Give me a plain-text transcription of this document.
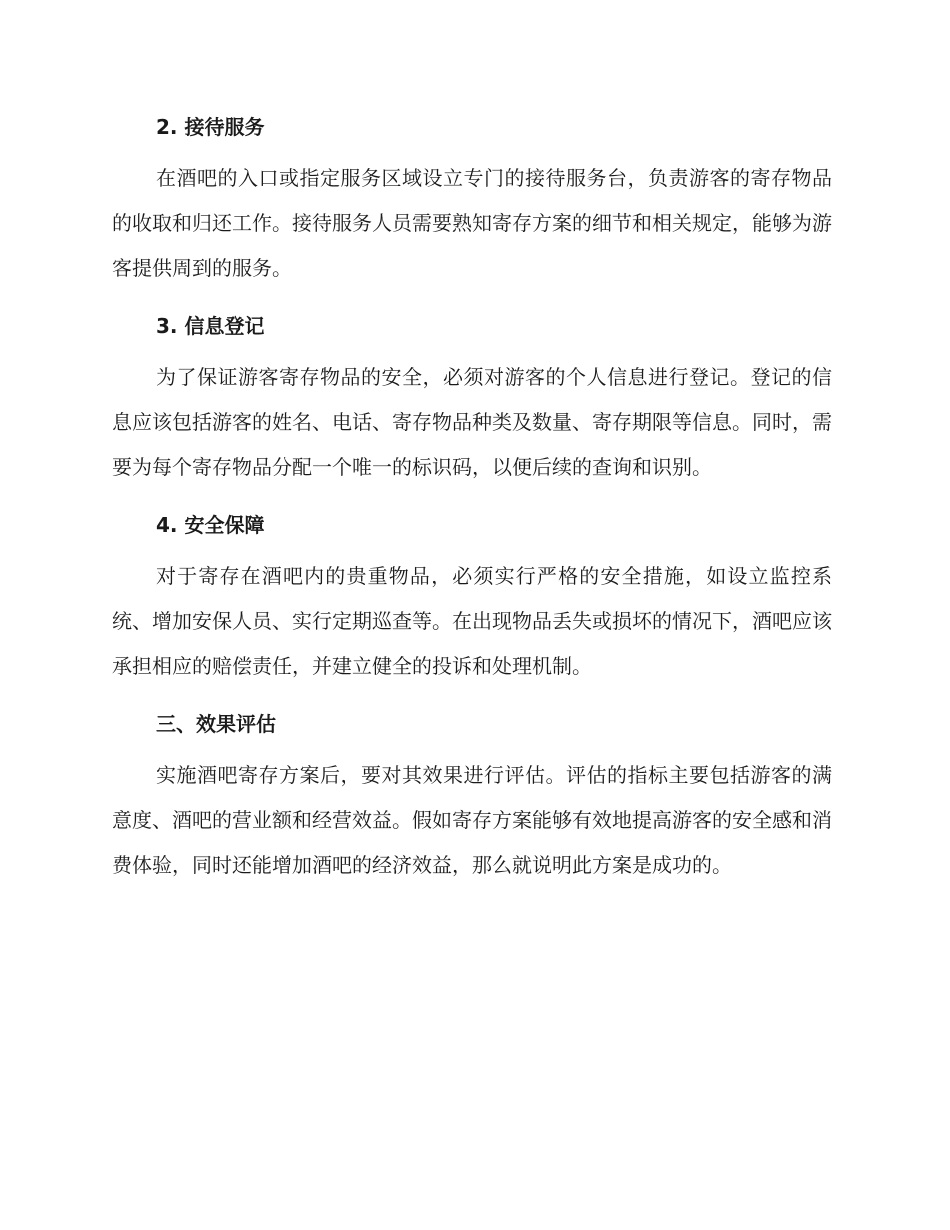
2. 接待服务

在酒吧的入口或指定服务区域设立专门的接待服务台，负责游客的寄存物品的收取和归还工作。接待服务人员需要熟知寄存方案的细节和相关规定，能够为游客提供周到的服务。

3. 信息登记

为了保证游客寄存物品的安全，必须对游客的个人信息进行登记。登记的信息应该包括游客的姓名、电话、寄存物品种类及数量、寄存期限等信息。同时，需要为每个寄存物品分配一个唯一的标识码，以便后续的查询和识别。

4. 安全保障

对于寄存在酒吧内的贵重物品，必须实行严格的安全措施，如设立监控系统、增加安保人员、实行定期巡查等。在出现物品丢失或损坏的情况下，酒吧应该承担相应的赔偿责任，并建立健全的投诉和处理机制。

三、效果评估

实施酒吧寄存方案后，要对其效果进行评估。评估的指标主要包括游客的满意度、酒吧的营业额和经营效益。假如寄存方案能够有效地提高游客的安全感和消费体验，同时还能增加酒吧的经济效益，那么就说明此方案是成功的。
